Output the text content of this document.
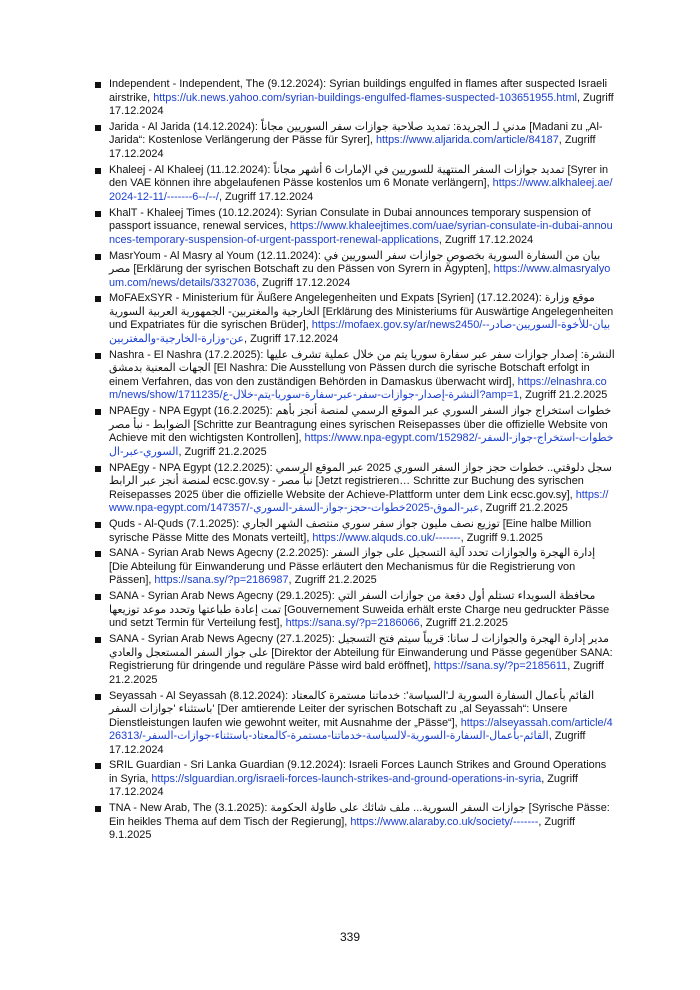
Independent - Independent, The (9.12.2024): Syrian buildings engulfed in flames after suspected Israeli airstrike, https://uk.news.yahoo.com/syrian-buildings-engulfed-flames-suspected-103651955.html, Zugriff 17.12.2024
Jarida - Al Jarida (14.12.2024): مدني لـ الجريدة: تمديد صلاحية جوازات سفر السوريين مجاناً [Madani zu „Al-Jarida“: Kostenlose Verlängerung der Pässe für Syrer], https://www.aljarida.com/article/84187, Zugriff 17.12.2024
Khaleej - Al Khaleej (11.12.2024): تمديد جوازات السفر المنتهية للسوريين في الإمارات 6 أشهر مجاناً [Syrer in den VAE können ihre abgelaufenen Pässe kostenlos um 6 Monate verlängern], https://www.alkhaleej.ae/2024-12-11/-------6--/--/, Zugriff 17.12.2024
KhalT - Khaleej Times (10.12.2024): Syrian Consulate in Dubai announces temporary suspension of passport issuance, renewal services, https://www.khaleejtimes.com/uae/syrian-consulate-in-dubai-announces-temporary-suspension-of-urgent-passport-renewal-applications, Zugriff 17.12.2024
MasrYoum - Al Masry al Youm (12.11.2024): بيان من السفارة السورية بخصوص جوازات سفر السوريين في مصر [Erklärung der syrischen Botschaft zu den Pässen von Syrern in Ägypten], https://www.almasryalyoum.com/news/details/3327036, Zugriff 17.12.2024
MoFAExSYR - Ministerium für Äußere Angelegenheiten und Expats [Syrien] (17.12.2024): موقع وزارة الخارجية والمغتربين- الجمهورية العربية السورية [Erklärung des Ministeriums für Auswärtige Angelegenheiten und Expatriates für die syrischen Brüder], https://mofaex.gov.sy/ar/news2450/-بيان-للأخوة-السوريين-صادر-عن-وزارة-الخارجية-والمغتربين, Zugriff 17.12.2024
Nashra - El Nashra (17.2.2025): النشرة: إصدار جوازات سفر عبر سفارة سوريا يتم من خلال عملية تشرف عليها الجهات المعنية بدمشق [El Nashra: Die Ausstellung von Pässen durch die syrische Botschaft erfolgt in einem Verfahren, das von den zuständigen Behörden in Damaskus überwacht wird], https://elnashra.com/news/show/1711235/النشرة-إصدار-جوازات-سفر-عبر-سفارة-سوريا-يتم-خلال-ع?amp=1, Zugriff 21.2.2025
NPAEgy - NPA Egypt (16.2.2025): خطوات استخراج جواز السفر السوري عبر الموقع الرسمي لمنصة أنجز بأهم الضوابط - نبأ مصر [Schritte zur Beantragung eines syrischen Reisepasses über die offizielle Website von Achieve mit den wichtigsten Kontrollen], https://www.npa-egypt.com/152982/خطوات-استخراج-جواز-السفر-السوري-عبر-ال, Zugriff 21.2.2025
NPAEgy - NPA Egypt (12.2.2025): سجل دلوقتي.. خطوات حجز جواز السفر السوري 2025 عبر الموقع الرسمي لمنصة أنجز عبر الرابط ecsc.gov.sy - نبأ مصر [Jetzt registrieren… Schritte zur Buchung des syrischen Reisepasses 2025 über die offizielle Website der Achieve-Plattform unter dem Link ecsc.gov.sy], https://www.npa-egypt.com/147357/-عبر-الموق-2025خطوات-حجز-جواز-السفر-السوري, Zugriff 21.2.2025
Quds - Al-Quds (7.1.2025): توزيع نصف مليون جواز سفر سوري منتصف الشهر الجاري [Eine halbe Million syrische Pässe Mitte des Monats verteilt], https://www.alquds.co.uk/-------, Zugriff 9.1.2025
SANA - Syrian Arab News Agecny (2.2.2025): إدارة الهجرة والجوازات تحدد آلية التسجيل على جواز السفر [Die Abteilung für Einwanderung und Pässe erläutert den Mechanismus für die Registrierung von Pässen], https://sana.sy/?p=2186987, Zugriff 21.2.2025
SANA - Syrian Arab News Agecny (29.1.2025): محافظة السويداء تستلم أول دفعة من جوازات السفر التي تمت إعادة طباعتها وتحدد موعد توزيعها [Gouvernement Suweida erhält erste Charge neu gedruckter Pässe und setzt Termin für Verteilung fest], https://sana.sy/?p=2186066, Zugriff 21.2.2025
SANA - Syrian Arab News Agecny (27.1.2025): مدير إدارة الهجرة والجوازات لـ سانا: قريباً سيتم فتح التسجيل على جواز السفر المستعجل والعادي [Direktor der Abteilung für Einwanderung und Pässe gegenüber SANA: Registrierung für dringende und reguläre Pässe wird bald eröffnet], https://sana.sy/?p=2185611, Zugriff 21.2.2025
Seyassah - Al Seyassah (8.12.2024): القائم بأعمال السفارة السورية لـ'السياسة': خدماتنا مستمرة كالمعتاد باستثناء 'جوازات السفر' [Der amtierende Leiter der syrischen Botschaft zu „al Seyassah“: Unsere Dienstleistungen laufen wie gewohnt weiter, mit Ausnahme der „Pässe“], https://alseyassah.com/article/426313/-القائم-بأعمال-السفارة-السورية-لالسياسة-خدماتنا-مستمرة-كالمعتاد-باستثناء-جوازات-السفر, Zugriff 17.12.2024
SRIL Guardian - Sri Lanka Guardian (9.12.2024): Israeli Forces Launch Strikes and Ground Operations in Syria, https://slguardian.org/israeli-forces-launch-strikes-and-ground-operations-in-syria, Zugriff 17.12.2024
TNA - New Arab, The (3.1.2025): جوازات السفر السورية... ملف شائك على طاولة الحكومة [Syrische Pässe: Ein heikles Thema auf dem Tisch der Regierung], https://www.alaraby.co.uk/society/-------, Zugriff 9.1.2025
339
